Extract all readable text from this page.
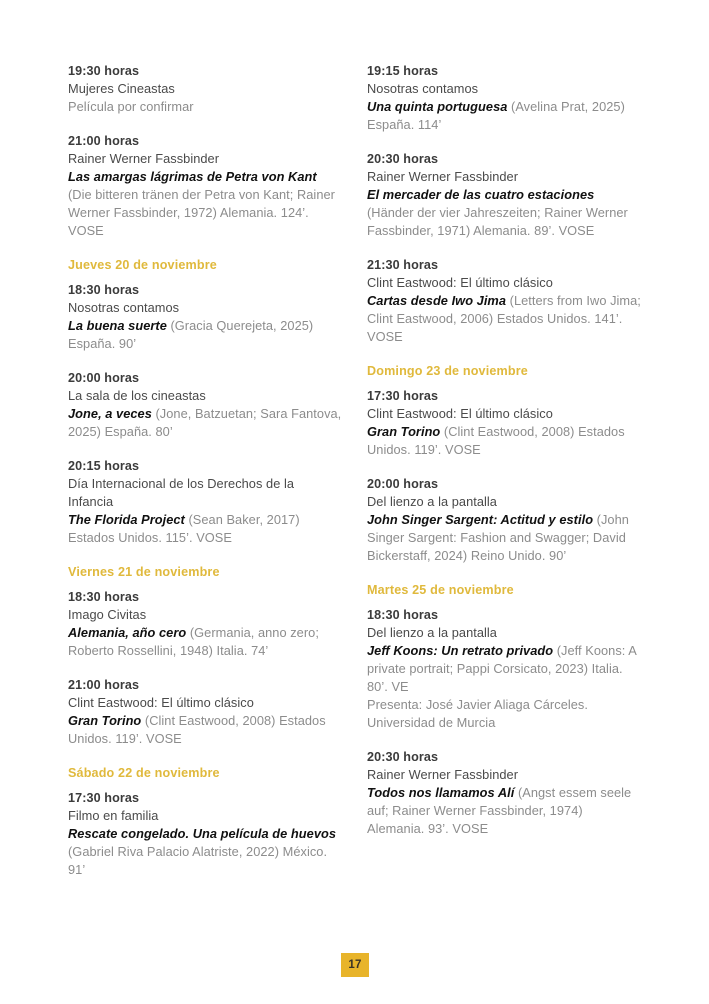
19:30 horas
Mujeres Cineastas
Película por confirmar
21:00 horas
Rainer Werner Fassbinder
Las amargas lágrimas de Petra von Kant (Die bitteren tränen der Petra von Kant; Rainer Werner Fassbinder, 1972) Alemania. 124’. VOSE
Jueves 20 de noviembre
18:30 horas
Nosotras contamos
La buena suerte (Gracia Querejeta, 2025) España. 90’
20:00 horas
La sala de los cineastas
Jone, a veces (Jone, Batzuetan; Sara Fantova, 2025) España. 80’
20:15 horas
Día Internacional de los Derechos de la Infancia
The Florida Project (Sean Baker, 2017) Estados Unidos. 115’. VOSE
Viernes 21 de noviembre
18:30 horas
Imago Civitas
Alemania, año cero (Germania, anno zero; Roberto Rossellini, 1948) Italia. 74’
21:00 horas
Clint Eastwood: El último clásico
Gran Torino (Clint Eastwood, 2008) Estados Unidos. 119’. VOSE
Sábado 22 de noviembre
17:30 horas
Filmo en familia
Rescate congelado. Una película de huevos (Gabriel Riva Palacio Alatriste, 2022) México. 91’
19:15 horas
Nosotras contamos
Una quinta portuguesa (Avelina Prat, 2025) España. 114’
20:30 horas
Rainer Werner Fassbinder
El mercader de las cuatro estaciones (Händer der vier Jahreszeiten; Rainer Werner Fassbinder, 1971) Alemania. 89’. VOSE
21:30 horas
Clint Eastwood: El último clásico
Cartas desde Iwo Jima (Letters from Iwo Jima; Clint Eastwood, 2006) Estados Unidos. 141’. VOSE
Domingo 23 de noviembre
17:30 horas
Clint Eastwood: El último clásico
Gran Torino (Clint Eastwood, 2008) Estados Unidos. 119’. VOSE
20:00 horas
Del lienzo a la pantalla
John Singer Sargent: Actitud y estilo (John Singer Sargent: Fashion and Swagger; David Bickerstaff, 2024) Reino Unido. 90’
Martes 25 de noviembre
18:30 horas
Del lienzo a la pantalla
Jeff Koons: Un retrato privado (Jeff Koons: A private portrait; Pappi Corsicato, 2023) Italia. 80’. VE
Presenta: José Javier Aliaga Cárceles. Universidad de Murcia
20:30 horas
Rainer Werner Fassbinder
Todos nos llamamos Alí (Angst essem seele auf; Rainer Werner Fassbinder, 1974) Alemania. 93’. VOSE
17
